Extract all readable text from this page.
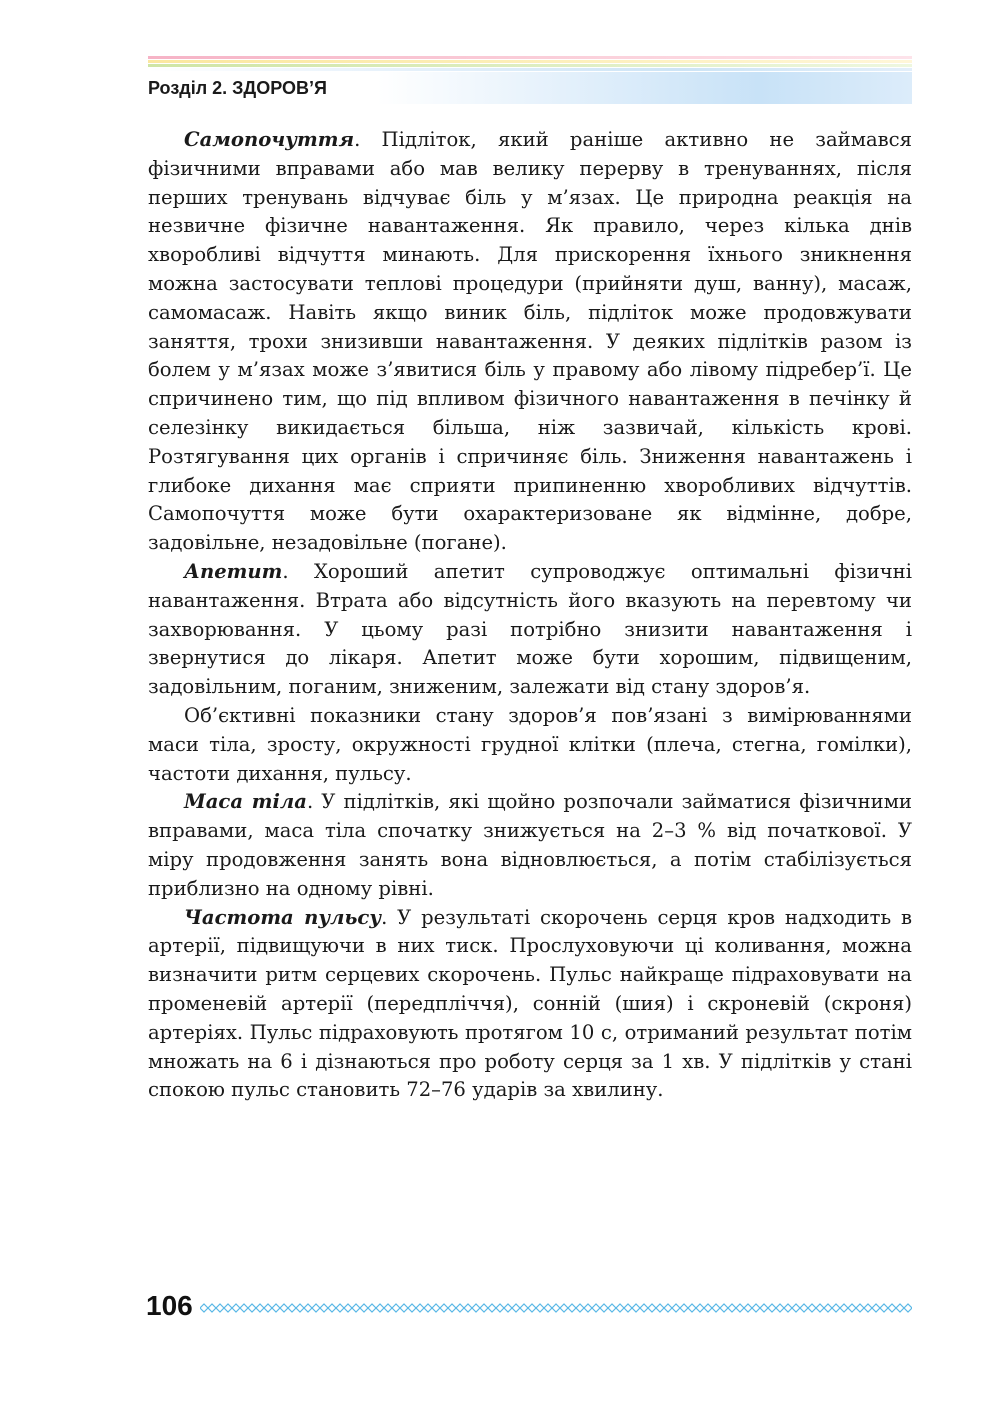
Розділ 2. ЗДОРОВ’Я

Самопочуття. Підліток, який раніше активно не займався фізичними вправами або мав велику перерву в тренуваннях, після перших тренувань відчуває біль у м’язах. Це природна реакція на незвичне фізичне навантаження. Як правило, через кілька днів хворобливі відчуття минають. Для прискорення їхнього зникнення можна застосувати теплові процедури (прийняти душ, ванну), масаж, самомасаж. Навіть якщо виник біль, підліток може продовжувати заняття, трохи знизивши навантаження. У деяких підлітків разом із болем у м’язах може з’явитися біль у правому або лівому підребер’ї. Це спричинено тим, що під впливом фізичного навантаження в печінку й селезінку викидається більша, ніж зазвичай, кількість крові. Розтягування цих органів і спричиняє біль. Зниження навантажень і глибоке дихання має сприяти припиненню хворобливих відчуттів. Самопочуття може бути охарактеризоване як відмінне, добре, задовільне, незадовільне (погане).

Апетит. Хороший апетит супроводжує оптимальні фізичні навантаження. Втрата або відсутність його вказують на перевтому чи захворювання. У цьому разі потрібно знизити навантаження і звернутися до лікаря. Апетит може бути хорошим, підвищеним, задовільним, поганим, зниженим, залежати від стану здоров’я.

Об’єктивні показники стану здоров’я пов’язані з вимірюваннями маси тіла, зросту, окружності грудної клітки (плеча, стегна, гомілки), частоти дихання, пульсу.

Маса тіла. У підлітків, які щойно розпочали займатися фізичними вправами, маса тіла спочатку знижується на 2–3 % від початкової. У міру продовження занять вона відновлюється, а потім стабілізується приблизно на одному рівні.

Частота пульсу. У результаті скорочень серця кров надходить в артерії, підвищуючи в них тиск. Прослуховуючи ці коливання, можна визначити ритм серцевих скорочень. Пульс найкраще підраховувати на променевій артерії (передпліччя), сонній (шия) і скроневій (скроня) артеріях. Пульс підраховують протягом 10 с, отриманий результат потім множать на 6 і дізнаються про роботу серця за 1 хв. У підлітків у стані спокою пульс становить 72–76 ударів за хвилину.

106
